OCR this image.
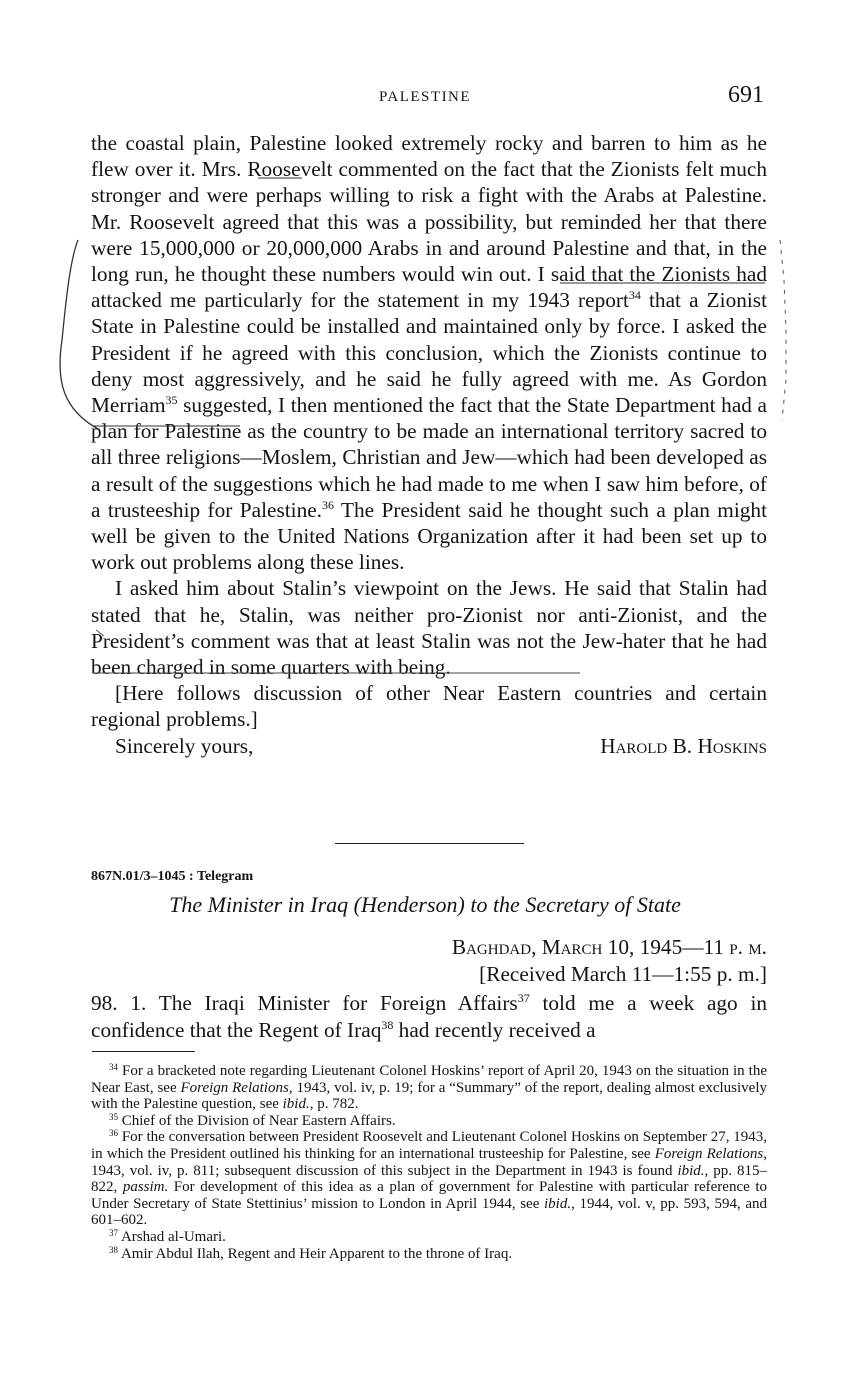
PALESTINE	691

the coastal plain, Palestine looked extremely rocky and barren to him as he flew over it. Mrs. Roosevelt commented on the fact that the Zionists felt much stronger and were perhaps willing to risk a fight with the Arabs at Palestine. Mr. Roosevelt agreed that this was a possibility, but reminded her that there were 15,000,000 or 20,000,000 Arabs in and around Palestine and that, in the long run, he thought these numbers would win out. I said that the Zionists had attacked me particularly for the statement in my 1943 report$^{34}$ that a Zionist State in Palestine could be installed and maintained only by force. I asked the President if he agreed with this conclusion, which the Zionists continue to deny most aggressively, and he said he fully agreed with me. As Gordon Merriam$^{35}$ suggested, I then mentioned the fact that the State Department had a plan for Palestine as the country to be made an international territory sacred to all three religions—Moslem, Christian and Jew—which had been developed as a result of the suggestions which he had made to me when I saw him before, of a trusteeship for Palestine.$^{36}$ The President said he thought such a plan might well be given to the United Nations Organization after it had been set up to work out problems along these lines.

I asked him about Stalin’s viewpoint on the Jews. He said that Stalin had stated that he, Stalin, was neither pro-Zionist nor anti-Zionist, and the President’s comment was that at least Stalin was not the Jew-hater that he had been charged in some quarters with being.

[Here follows discussion of other Near Eastern countries and certain regional problems.]

Sincerely yours,	Harold B. Hoskins
867N.01/3–1045 : Telegram
The Minister in Iraq (Henderson) to the Secretary of State
Baghdad, March 10, 1945—11 p. m.
[Received March 11—1:55 p. m.]

98. 1. The Iraqi Minister for Foreign Affairs$^{37}$ told me a week ago in confidence that the Regent of Iraq$^{38}$ had recently received a

$^{34}$ For a bracketed note regarding Lieutenant Colonel Hoskins’ report of April 20, 1943 on the situation in the Near East, see Foreign Relations, 1943, vol. iv, p. 19; for a “Summary” of the report, dealing almost exclusively with the Palestine question, see ibid., p. 782.

$^{35}$ Chief of the Division of Near Eastern Affairs.

$^{36}$ For the conversation between President Roosevelt and Lieutenant Colonel Hoskins on September 27, 1943, in which the President outlined his thinking for an international trusteeship for Palestine, see Foreign Relations, 1943, vol. iv, p. 811; subsequent discussion of this subject in the Department in 1943 is found ibid., pp. 815–822, passim. For development of this idea as a plan of government for Palestine with particular reference to Under Secretary of State Stettinius’ mission to London in April 1944, see ibid., 1944, vol. v, pp. 593, 594, and 601–602.

$^{37}$ Arshad al-Umari.

$^{38}$ Amir Abdul Ilah, Regent and Heir Apparent to the throne of Iraq.
